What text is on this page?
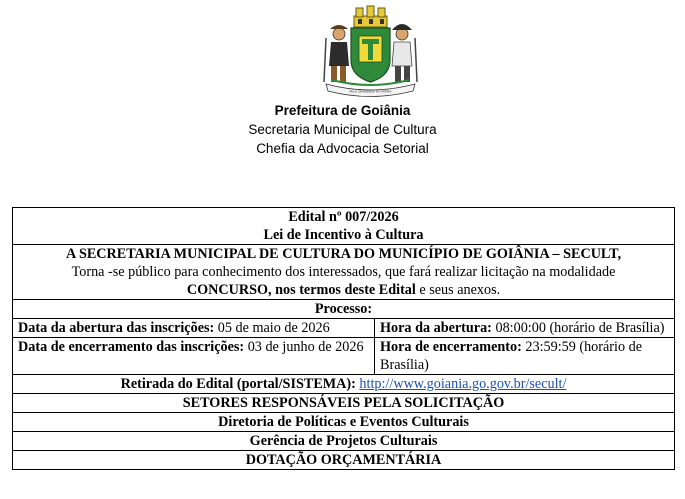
PELO GRANDEZA DA PÁTRIA
Prefeitura de Goiânia
Secretaria Municipal de Cultura
Chefia da Advocacia Setorial
Edital nº 007/2026
Lei de Incentivo à Cultura	

A SECRETARIA MUNICIPAL DE CULTURA DO MUNICÍPIO DE GOIÂNIA – SECULT,
Torna -se público para conhecimento dos interessados, que fará realizar licitação na modalidade
CONCURSO, nos termos deste Edital e seus anexos.	

Processo:	
Data da abertura das inscrições: 05 de maio de 2026	Hora da abertura: 08:00:00 (horário de Brasília)
Data de encerramento das inscrições: 03 de junho de 2026	Hora de encerramento: 23:59:59 (horário de Brasília)
Retirada do Edital (portal/SISTEMA): http://www.goiania.go.gov.br/secult/	
SETORES RESPONSÁVEIS PELA SOLICITAÇÃO	
Diretoria de Políticas e Eventos Culturais	
Gerência de Projetos Culturais	
DOTAÇÃO ORÇAMENTÁRIA	
